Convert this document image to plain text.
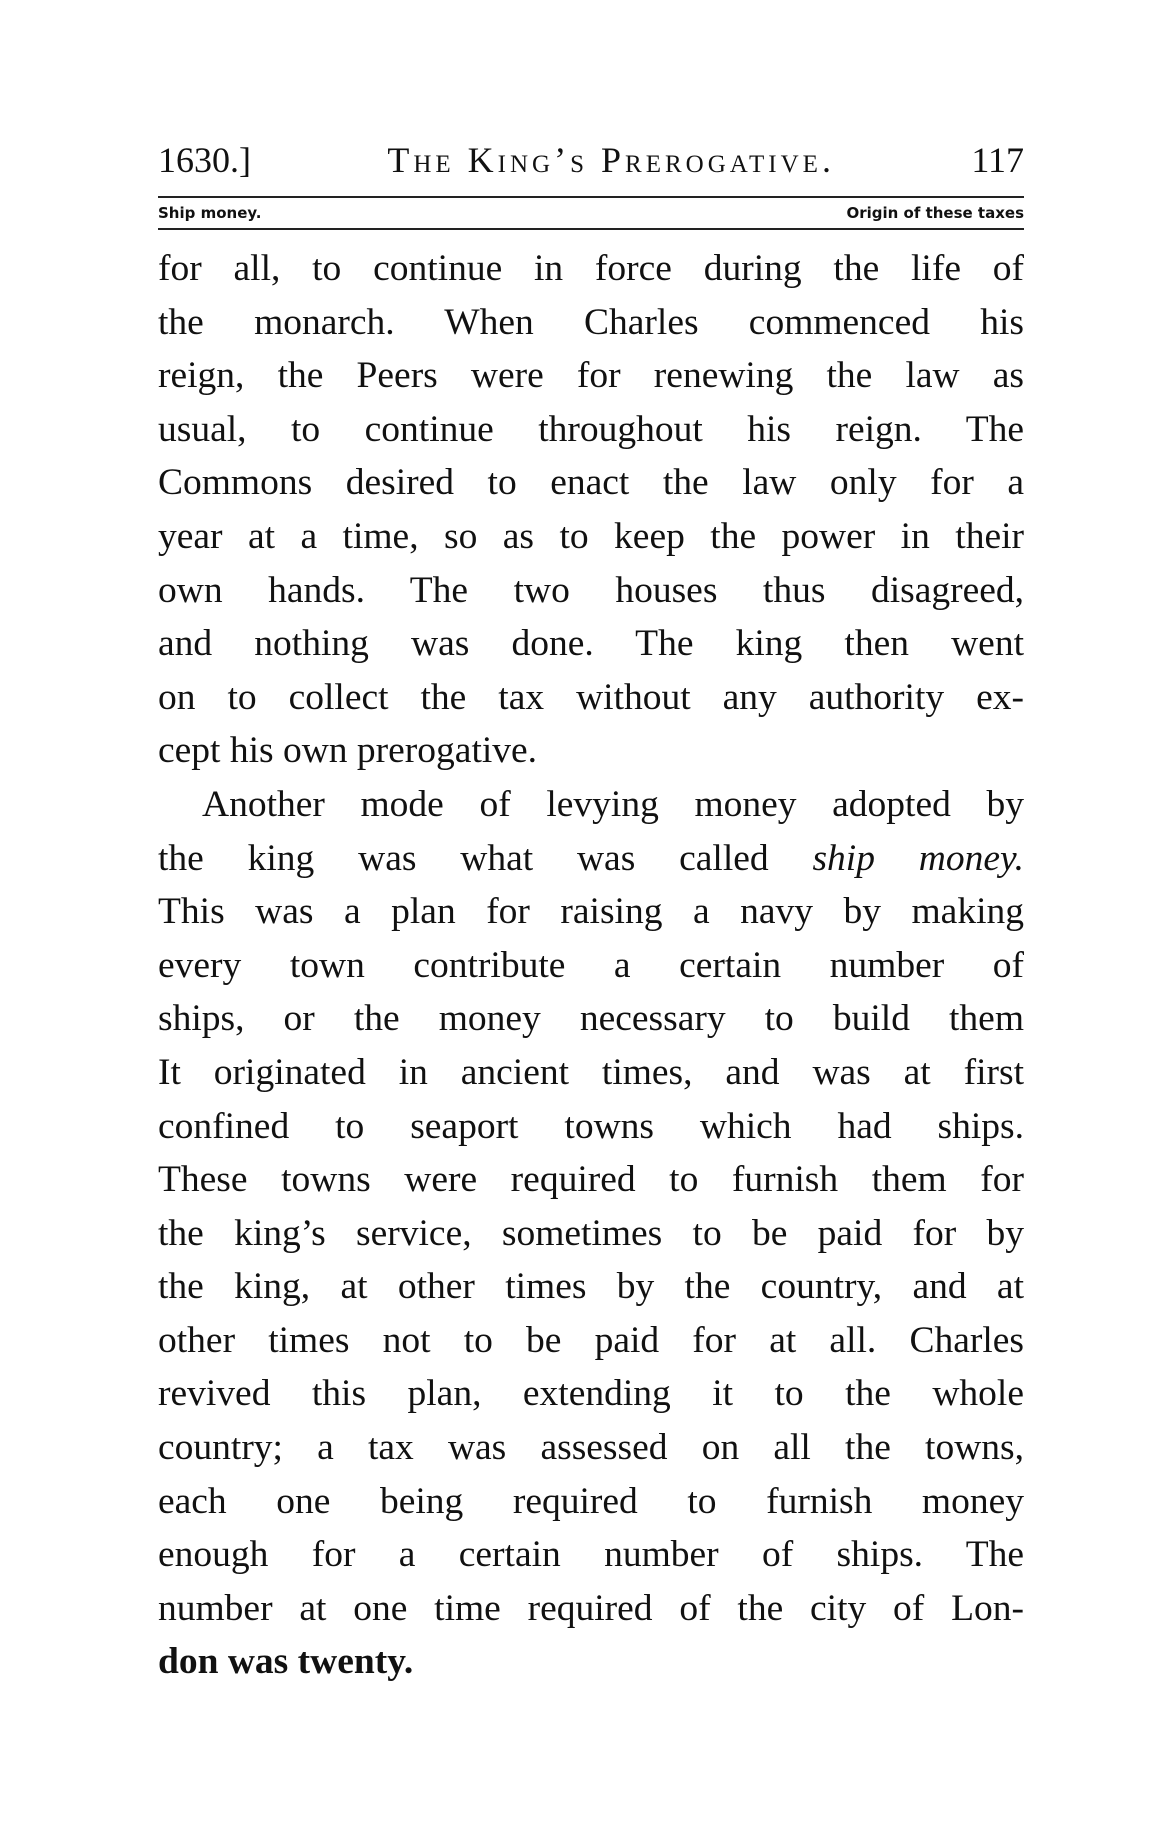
1630.]	The King’s Prerogative.	117
Ship money.	Origin of these taxes

for all, to continue in force during the life of
the monarch. When Charles commenced his
reign, the Peers were for renewing the law as
usual, to continue throughout his reign. The
Commons desired to enact the law only for a
year at a time, so as to keep the power in their
own hands. The two houses thus disagreed,
and nothing was done. The king then went
on to collect the tax without any authority ex-
cept his own prerogative.

Another mode of levying money adopted by
the king was what was called ship money.
This was a plan for raising a navy by making
every town contribute a certain number of
ships, or the money necessary to build them
It originated in ancient times, and was at first
confined to seaport towns which had ships.
These towns were required to furnish them for
the king’s service, sometimes to be paid for by
the king, at other times by the country, and at
other times not to be paid for at all. Charles
revived this plan, extending it to the whole
country; a tax was assessed on all the towns,
each one being required to furnish money
enough for a certain number of ships. The
number at one time required of the city of Lon-
don was twenty.
